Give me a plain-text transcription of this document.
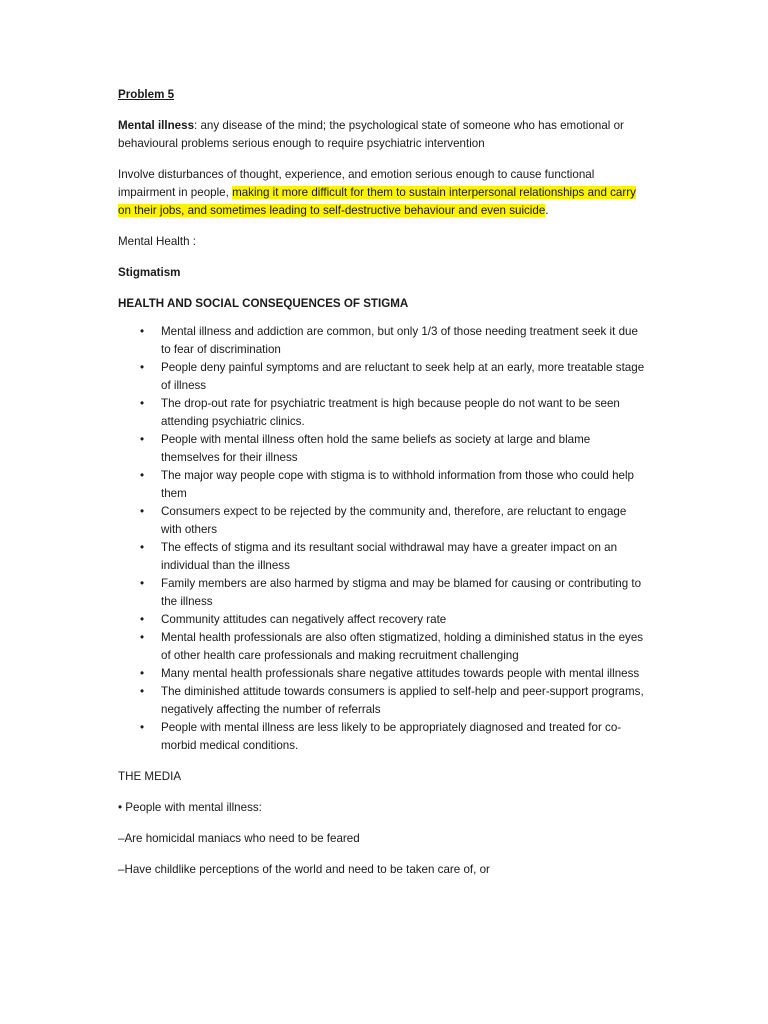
Problem 5

Mental illness: any disease of the mind; the psychological state of someone who has emotional or behavioural problems serious enough to require psychiatric intervention

Involve disturbances of thought, experience, and emotion serious enough to cause functional impairment in people, making it more difficult for them to sustain interpersonal relationships and carry on their jobs, and sometimes leading to self-destructive behaviour and even suicide.

Mental Health :

Stigmatism

HEALTH AND SOCIAL CONSEQUENCES OF STIGMA

• Mental illness and addiction are common, but only 1/3 of those needing treatment seek it due to fear of discrimination
• People deny painful symptoms and are reluctant to seek help at an early, more treatable stage of illness
• The drop-out rate for psychiatric treatment is high because people do not want to be seen attending psychiatric clinics.
• People with mental illness often hold the same beliefs as society at large and blame themselves for their illness
• The major way people cope with stigma is to withhold information from those who could help them
• Consumers expect to be rejected by the community and, therefore, are reluctant to engage with others
• The effects of stigma and its resultant social withdrawal may have a greater impact on an individual than the illness
• Family members are also harmed by stigma and may be blamed for causing or contributing to the illness
• Community attitudes can negatively affect recovery rate
• Mental health professionals are also often stigmatized, holding a diminished status in the eyes of other health care professionals and making recruitment challenging
• Many mental health professionals share negative attitudes towards people with mental illness
• The diminished attitude towards consumers is applied to self-help and peer-support programs, negatively affecting the number of referrals
• People with mental illness are less likely to be appropriately diagnosed and treated for co-morbid medical conditions.

THE MEDIA

• People with mental illness:

–Are homicidal maniacs who need to be feared

–Have childlike perceptions of the world and need to be taken care of, or
